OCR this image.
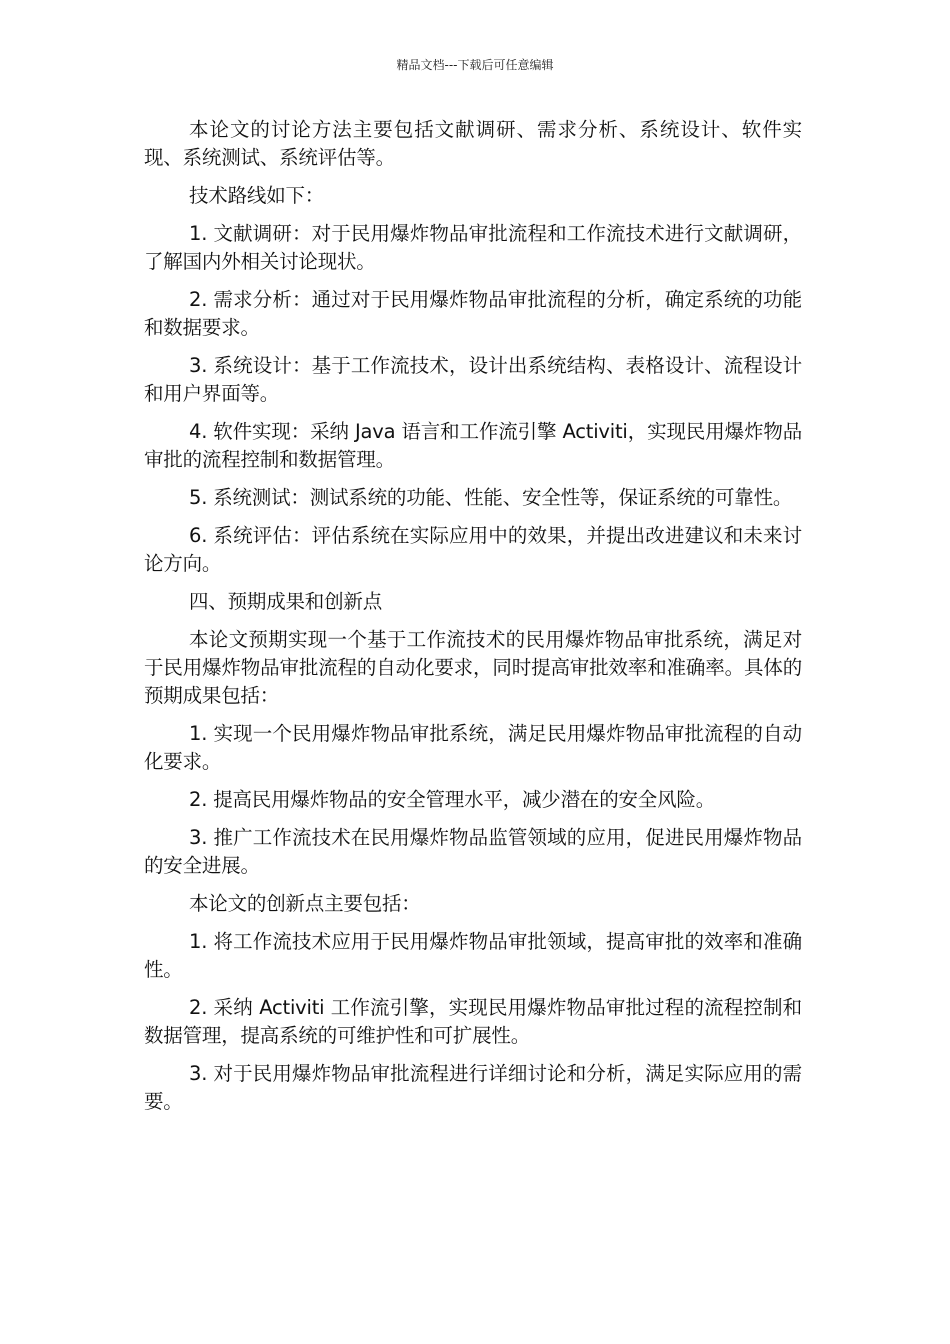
精品文档---下载后可任意编辑

本论文的讨论方法主要包括文献调研、需求分析、系统设计、软件实现、系统测试、系统评估等。

技术路线如下：

1. 文献调研：对于民用爆炸物品审批流程和工作流技术进行文献调研，了解国内外相关讨论现状。

2. 需求分析：通过对于民用爆炸物品审批流程的分析，确定系统的功能和数据要求。

3. 系统设计：基于工作流技术，设计出系统结构、表格设计、流程设计和用户界面等。

4. 软件实现：采纳 Java 语言和工作流引擎 Activiti，实现民用爆炸物品审批的流程控制和数据管理。

5. 系统测试：测试系统的功能、性能、安全性等，保证系统的可靠性。

6. 系统评估：评估系统在实际应用中的效果，并提出改进建议和未来讨论方向。

四、预期成果和创新点

本论文预期实现一个基于工作流技术的民用爆炸物品审批系统，满足对于民用爆炸物品审批流程的自动化要求，同时提高审批效率和准确率。具体的预期成果包括：

1. 实现一个民用爆炸物品审批系统，满足民用爆炸物品审批流程的自动化要求。

2. 提高民用爆炸物品的安全管理水平，减少潜在的安全风险。

3. 推广工作流技术在民用爆炸物品监管领域的应用，促进民用爆炸物品的安全进展。

本论文的创新点主要包括：

1. 将工作流技术应用于民用爆炸物品审批领域，提高审批的效率和准确性。

2. 采纳 Activiti 工作流引擎，实现民用爆炸物品审批过程的流程控制和数据管理，提高系统的可维护性和可扩展性。

3. 对于民用爆炸物品审批流程进行详细讨论和分析，满足实际应用的需要。
